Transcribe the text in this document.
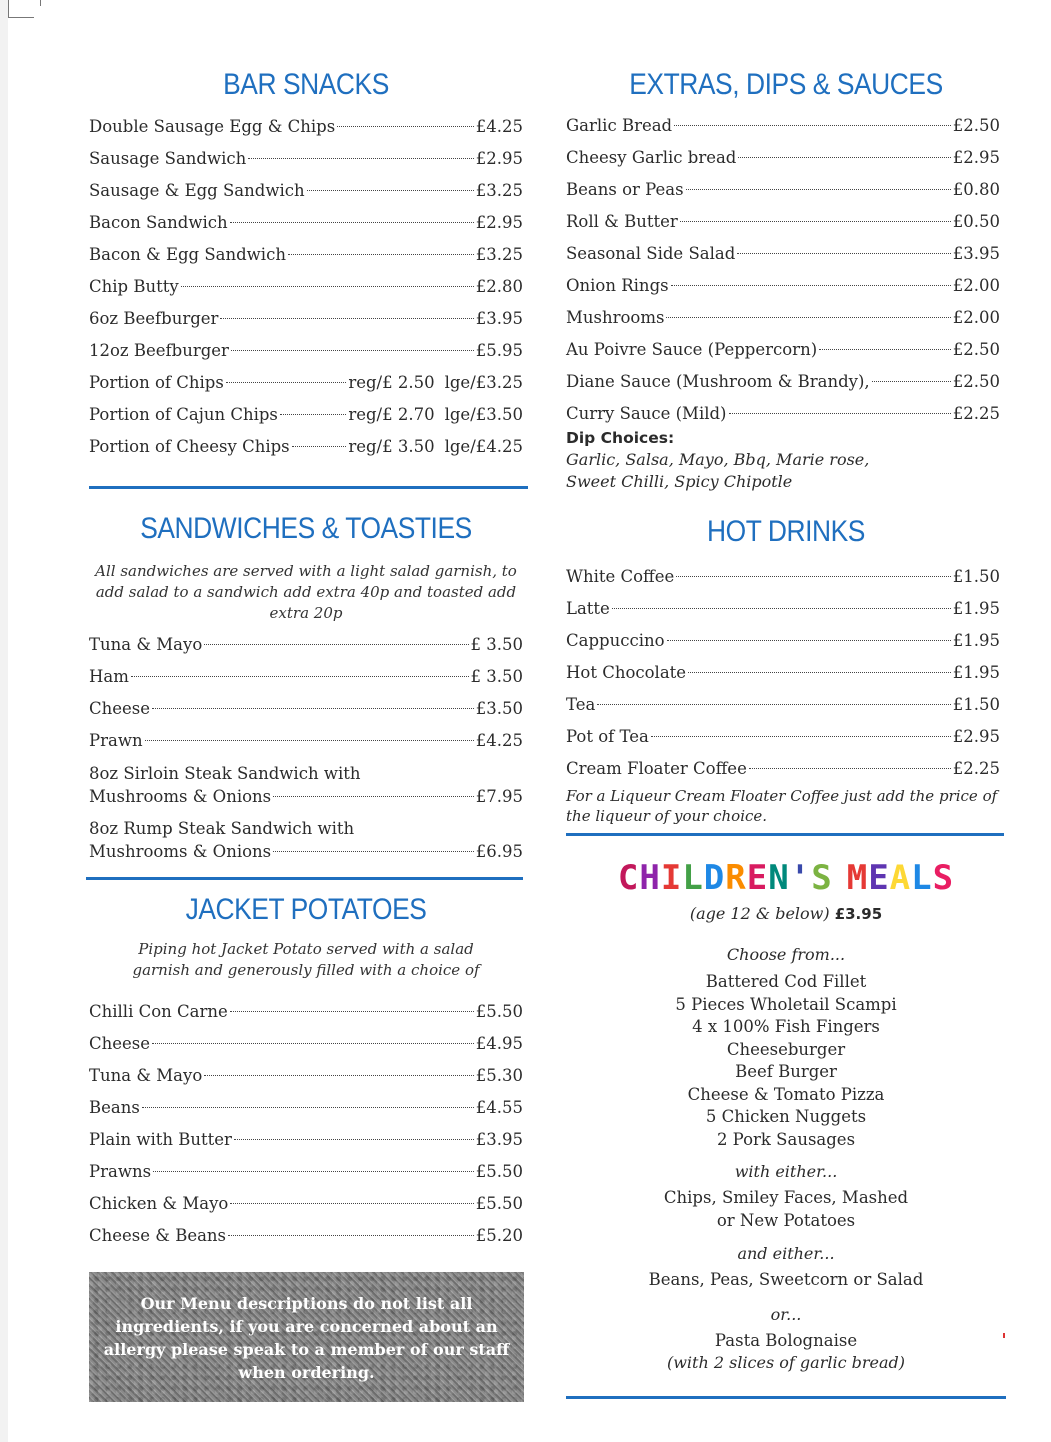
BAR SNACKS
Double Sausage Egg & Chips	£4.25
Sausage Sandwich	£2.95
Sausage & Egg Sandwich	£3.25
Bacon Sandwich	£2.95
Bacon & Egg Sandwich	£3.25
Chip Butty	£2.80
6oz Beefburger	£3.95
12oz Beefburger	£5.95
Portion of Chips	reg/£ 2.50 lge/£3.25
Portion of Cajun Chips	reg/£ 2.70 lge/£3.50
Portion of Cheesy Chips	reg/£ 3.50 lge/£4.25
SANDWICHES & TOASTIES
All sandwiches are served with a light salad garnish, to add salad to a sandwich add extra 40p and toasted add extra 20p
Tuna & Mayo	£ 3.50
Ham	£ 3.50
Cheese	£3.50
Prawn	£4.25
8oz Sirloin Steak Sandwich with
Mushrooms & Onions	£7.95
8oz Rump Steak Sandwich with
Mushrooms & Onions	£6.95
JACKET POTATOES
Piping hot Jacket Potato served with a salad garnish and generously filled with a choice of
Chilli Con Carne	£5.50
Cheese	£4.95
Tuna & Mayo	£5.30
Beans	£4.55
Plain with Butter	£3.95
Prawns	£5.50
Chicken & Mayo	£5.50
Cheese & Beans	£5.20
Our Menu descriptions do not list all ingredients, if you are concerned about an allergy please speak to a member of our staff when ordering.
EXTRAS, DIPS & SAUCES
Garlic Bread	£2.50
Cheesy Garlic bread	£2.95
Beans or Peas	£0.80
Roll & Butter	£0.50
Seasonal Side Salad	£3.95
Onion Rings	£2.00
Mushrooms	£2.00
Au Poivre Sauce (Peppercorn)	£2.50
Diane Sauce (Mushroom & Brandy),	£2.50
Curry Sauce (Mild)	£2.25
Dip Choices:
Garlic, Salsa, Mayo, Bbq, Marie rose,
Sweet Chilli, Spicy Chipotle
HOT DRINKS
White Coffee	£1.50
Latte	£1.95
Cappuccino	£1.95
Hot Chocolate	£1.95
Tea	£1.50
Pot of Tea	£2.95
Cream Floater Coffee	£2.25
For a Liqueur Cream Floater Coffee just add the price of
the liqueur of your choice.
CHILDREN'S MEALS
(age 12 & below) £3.95
Choose from...
Battered Cod Fillet
5 Pieces Wholetail Scampi
4 x 100% Fish Fingers
Cheeseburger
Beef Burger
Cheese & Tomato Pizza
5 Chicken Nuggets
2 Pork Sausages
with either...
Chips, Smiley Faces, Mashed
or New Potatoes
and either...
Beans, Peas, Sweetcorn or Salad
or...
Pasta Bolognaise
(with 2 slices of garlic bread)
